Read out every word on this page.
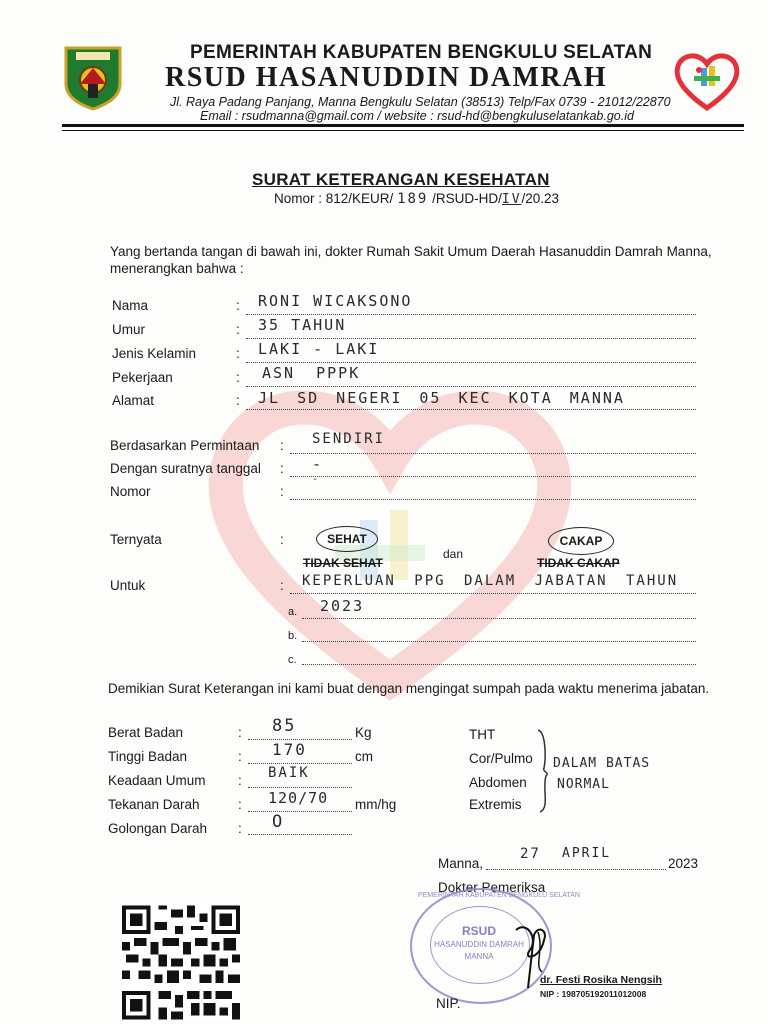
PEMERINTAH KABUPATEN BENGKULU SELATAN
RSUD HASANUDDIN DAMRAH
Jl. Raya Padang Panjang, Manna Bengkulu Selatan (38513) Telp/Fax 0739 - 21012/22870
Email : rsudmanna@gmail.com / website : rsud-hd@bengkuluselatankab.go.id
SURAT KETERANGAN KESEHATAN
Nomor : 812/KEUR/ 189 /RSUD-HD/IV/20.23
Yang bertanda tangan di bawah ini, dokter Rumah Sakit Umum Daerah Hasanuddin Damrah Manna, menerangkan bahwa :
Nama	: RONI WICAKSONO
Umur	: 35 TAHUN
Jenis Kelamin	: LAKI - LAKI
Pekerjaan	: ASN PPPK
Alamat	: JL SD NEGERI 05 KEC KOTA MANNA
Berdasarkan Permintaan : SENDIRI
Dengan suratnya tanggal : -
Nomor	:
-
Ternyata	:	SEHAT
TIDAK SEHAT
dan
CAKAP
TIDAK CAKAP
Untuk	: KEPERLUAN PPG DALAM JABATAN TAHUN
a. 2023
b.
c.
Demikian Surat Keterangan ini kami buat dengan mengingat sumpah pada waktu menerima jabatan.
Berat Badan	: 85	Kg
Tinggi Badan	: 170	cm
Keadaan Umum : BAIK
Tekanan Darah	: 120/70 mm/hg
Golongan Darah : O
THT
Cor/Pulmo
Abdomen
Extremis
DALAM BATAS
NORMAL
Manna,
27 APRIL
2023
Dokter Pemeriksa
PEMERINTAH KABUPATEN BENGKULU SELATAN
RSUD
HASANUDDIN DAMRAH
MANNA
dr. Festi Rosika Nengsih
NIP : 198705192011012008
NIP.
